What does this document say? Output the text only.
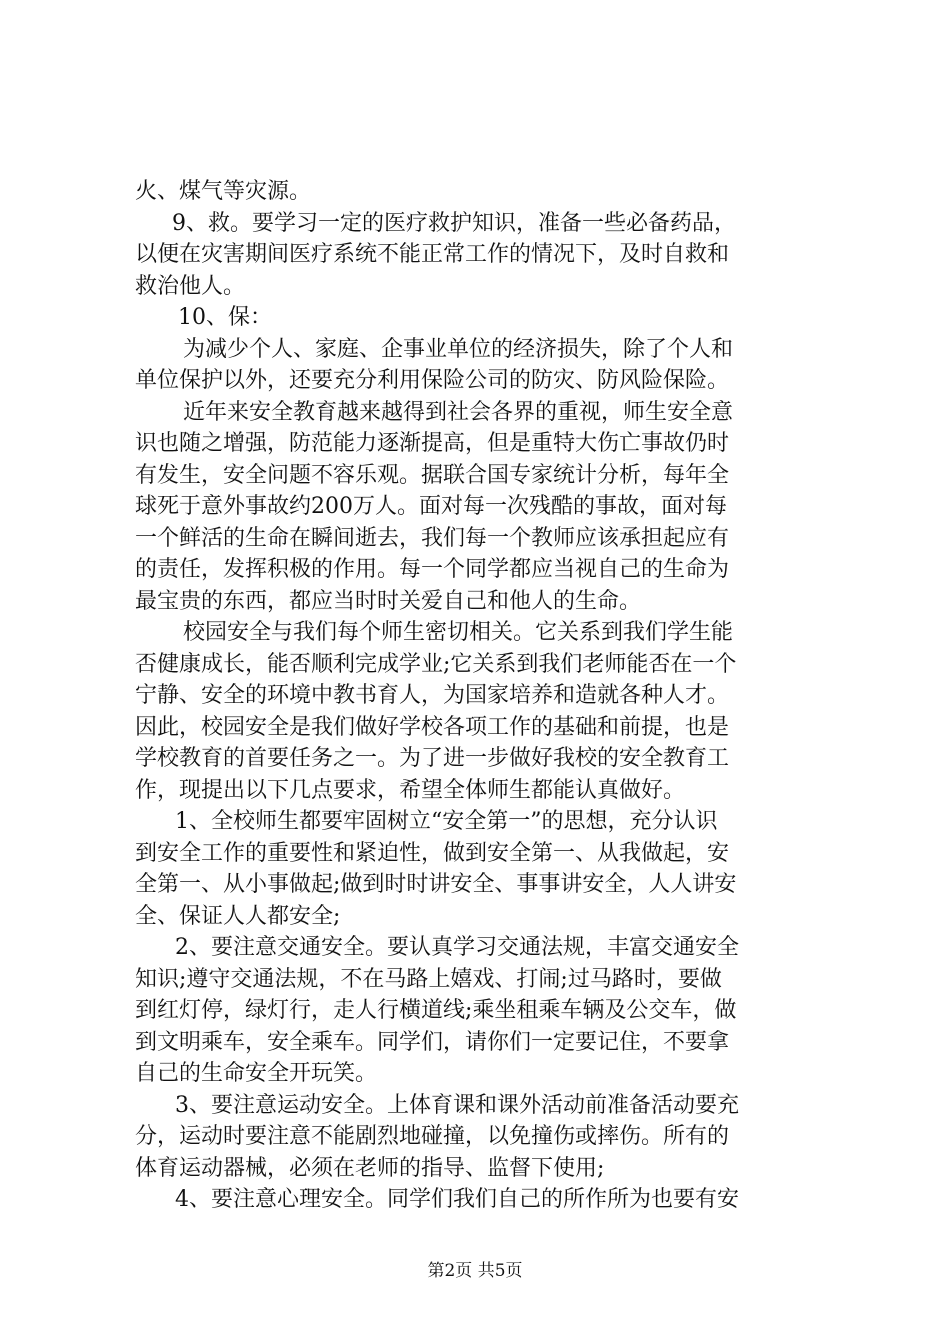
火、煤气等灾源。
9、救。要学习一定的医疗救护知识，准备一些必备药品，
以便在灾害期间医疗系统不能正常工作的情况下，及时自救和
救治他人。
10、保：
为减少个人、家庭、企事业单位的经济损失，除了个人和
单位保护以外，还要充分利用保险公司的防灾、防风险保险。
近年来安全教育越来越得到社会各界的重视，师生安全意
识也随之增强，防范能力逐渐提高，但是重特大伤亡事故仍时
有发生，安全问题不容乐观。据联合国专家统计分析，每年全
球死于意外事故约200万人。面对每一次残酷的事故，面对每
一个鲜活的生命在瞬间逝去，我们每一个教师应该承担起应有
的责任，发挥积极的作用。每一个同学都应当视自己的生命为
最宝贵的东西，都应当时时关爱自己和他人的生命。
校园安全与我们每个师生密切相关。它关系到我们学生能
否健康成长，能否顺利完成学业;它关系到我们老师能否在一个
宁静、安全的环境中教书育人，为国家培养和造就各种人才。
因此，校园安全是我们做好学校各项工作的基础和前提，也是
学校教育的首要任务之一。为了进一步做好我校的安全教育工
作，现提出以下几点要求，希望全体师生都能认真做好。
1、全校师生都要牢固树立“安全第一”的思想，充分认识
到安全工作的重要性和紧迫性，做到安全第一、从我做起，安
全第一、从小事做起;做到时时讲安全、事事讲安全，人人讲安
全、保证人人都安全;
2、要注意交通安全。要认真学习交通法规，丰富交通安全
知识;遵守交通法规，不在马路上嬉戏、打闹;过马路时，要做
到红灯停，绿灯行，走人行横道线;乘坐租乘车辆及公交车，做
到文明乘车，安全乘车。同学们，请你们一定要记住，不要拿
自己的生命安全开玩笑。
3、要注意运动安全。上体育课和课外活动前准备活动要充
分，运动时要注意不能剧烈地碰撞，以免撞伤或摔伤。所有的
体育运动器械，必须在老师的指导、监督下使用;
4、要注意心理安全。同学们我们自己的所作所为也要有安
第2页 共5页
